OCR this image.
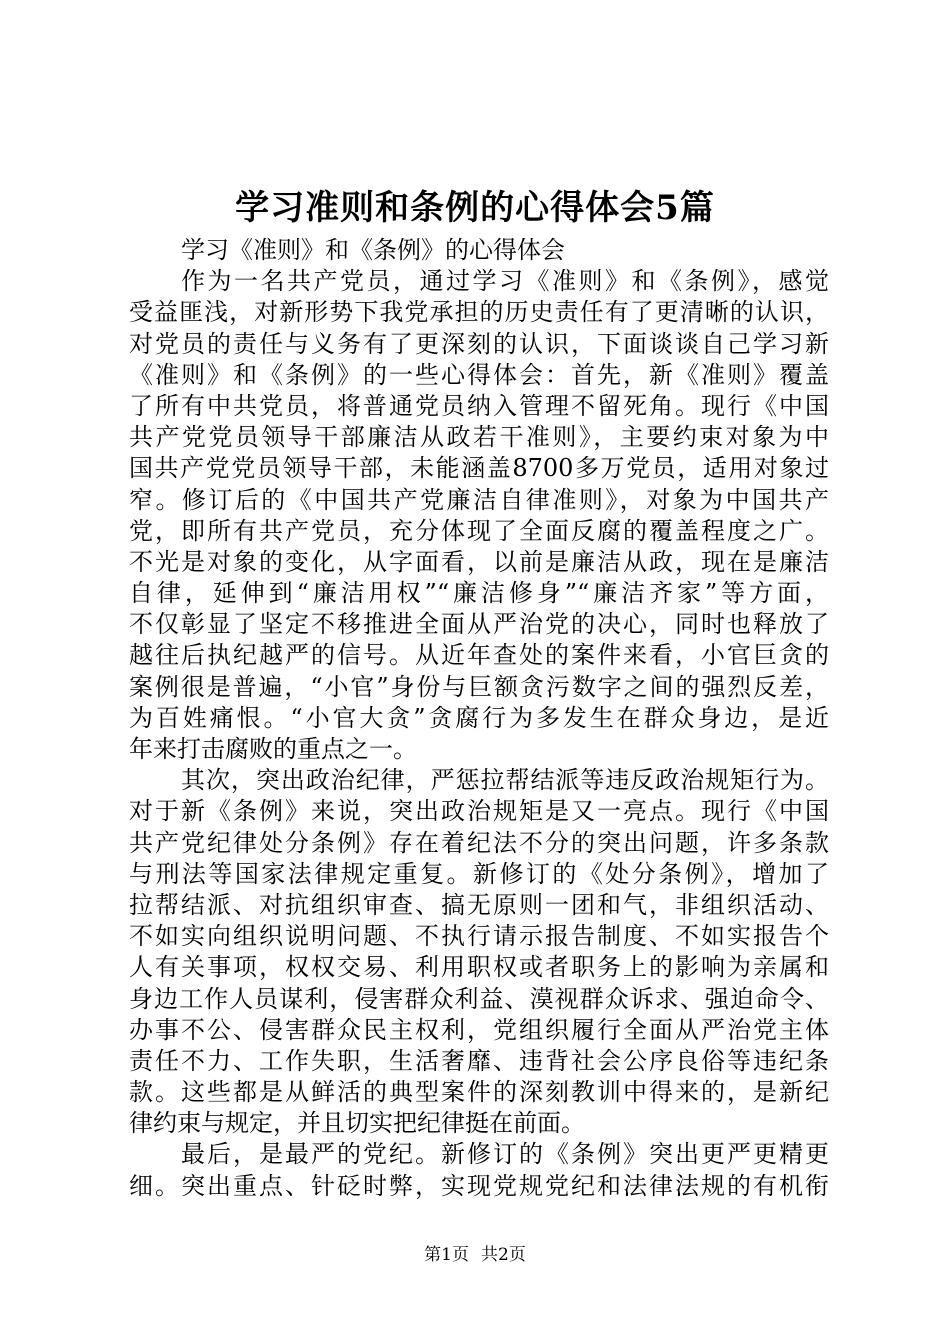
学习准则和条例的心得体会5篇
学习《准则》和《条例》的心得体会
作为一名共产党员，通过学习《准则》和《条例》，感觉
受益匪浅，对新形势下我党承担的历史责任有了更清晰的认识，
对党员的责任与义务有了更深刻的认识，下面谈谈自己学习新
《准则》和《条例》的一些心得体会：首先，新《准则》覆盖
了所有中共党员，将普通党员纳入管理不留死角。现行《中国
共产党党员领导干部廉洁从政若干准则》，主要约束对象为中
国共产党党员领导干部，未能涵盖8700多万党员，适用对象过
窄。修订后的《中国共产党廉洁自律准则》，对象为中国共产
党，即所有共产党员，充分体现了全面反腐的覆盖程度之广。
不光是对象的变化，从字面看，以前是廉洁从政，现在是廉洁
自律，延伸到“廉洁用权”“廉洁修身”“廉洁齐家”等方面，
不仅彰显了坚定不移推进全面从严治党的决心，同时也释放了
越往后执纪越严的信号。从近年查处的案件来看，小官巨贪的
案例很是普遍，“小官”身份与巨额贪污数字之间的强烈反差，
为百姓痛恨。“小官大贪”贪腐行为多发生在群众身边，是近
年来打击腐败的重点之一。
其次，突出政治纪律，严惩拉帮结派等违反政治规矩行为。
对于新《条例》来说，突出政治规矩是又一亮点。现行《中国
共产党纪律处分条例》存在着纪法不分的突出问题，许多条款
与刑法等国家法律规定重复。新修订的《处分条例》，增加了
拉帮结派、对抗组织审查、搞无原则一团和气，非组织活动、
不如实向组织说明问题、不执行请示报告制度、不如实报告个
人有关事项，权权交易、利用职权或者职务上的影响为亲属和
身边工作人员谋利，侵害群众利益、漠视群众诉求、强迫命令、
办事不公、侵害群众民主权利，党组织履行全面从严治党主体
责任不力、工作失职，生活奢靡、违背社会公序良俗等违纪条
款。这些都是从鲜活的典型案件的深刻教训中得来的，是新纪
律约束与规定，并且切实把纪律挺在前面。
最后，是最严的党纪。新修订的《条例》突出更严更精更
细。突出重点、针砭时弊，实现党规党纪和法律法规的有机衔
第1页 共2页
